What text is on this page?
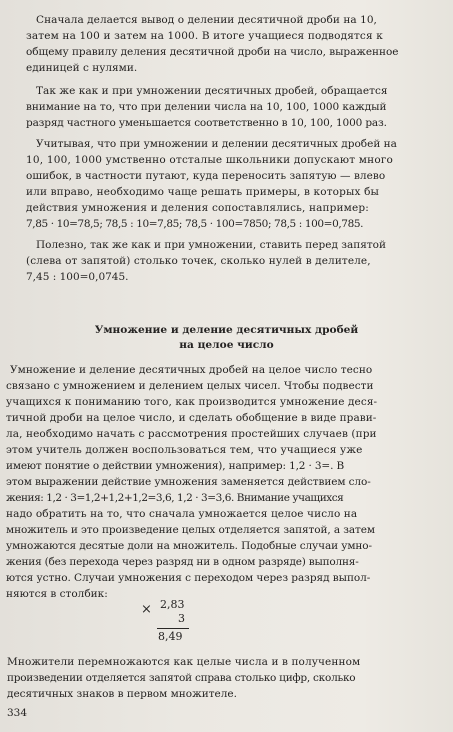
Сначала делается вывод о делении десятичной дроби на 10,
затем на 100 и затем на 1000. В итоге учащиеся подводятся к
общему правилу деления десятичной дроби на число, выраженное
единицей с нулями.
Так же как и при умножении десятичных дробей, обращается
внимание на то, что при делении числа на 10, 100, 1000 каждый
разряд частного уменьшается соответственно в 10, 100, 1000 раз.
Учитывая, что при умножении и делении десятичных дробей на
10, 100, 1000 умственно отсталые школьники допускают много
ошибок, в частности путают, куда переносить запятую — влево
или вправо, необходимо чаще решать примеры, в которых бы
действия умножения и деления сопоставлялись, например:
7,85 · 10=78,5; 78,5 : 10=7,85; 78,5 · 100=7850; 78,5 : 100=0,785.
Полезно, так же как и при умножении, ставить перед запятой
(слева от запятой) столько точек, сколько нулей в делителе,
7,45 : 100=0,0745.
Умножение и деление десятичных дробей
на целое число
Умножение и деление десятичных дробей на целое число тесно
связано с умножением и делением целых чисел. Чтобы подвести
учащихся к пониманию того, как производится умножение деся-
тичной дроби на целое число, и сделать обобщение в виде прави-
ла, необходимо начать с рассмотрения простейших случаев (при
этом учитель должен воспользоваться тем, что учащиеся уже
имеют понятие о действии умножения), например: 1,2 · 3=. В
этом выражении действие умножения заменяется действием сло-
жения: 1,2 · 3=1,2+1,2+1,2=3,6, 1,2 · 3=3,6. Внимание учащихся
надо обратить на то, что сначала умножается целое число на
множитель и это произведение целых отделяется запятой, а затем
умножаются десятые доли на множитель. Подобные случаи умно-
жения (без перехода через разряд ни в одном разряде) выполня-
ются устно. Случаи умножения с переходом через разряд выпол-
няются в столбик:
× 2,83
3
8,49
Множители перемножаются как целые числа и в полученном
произведении отделяется запятой справа столько цифр, сколько
десятичных знаков в первом множителе.
334
